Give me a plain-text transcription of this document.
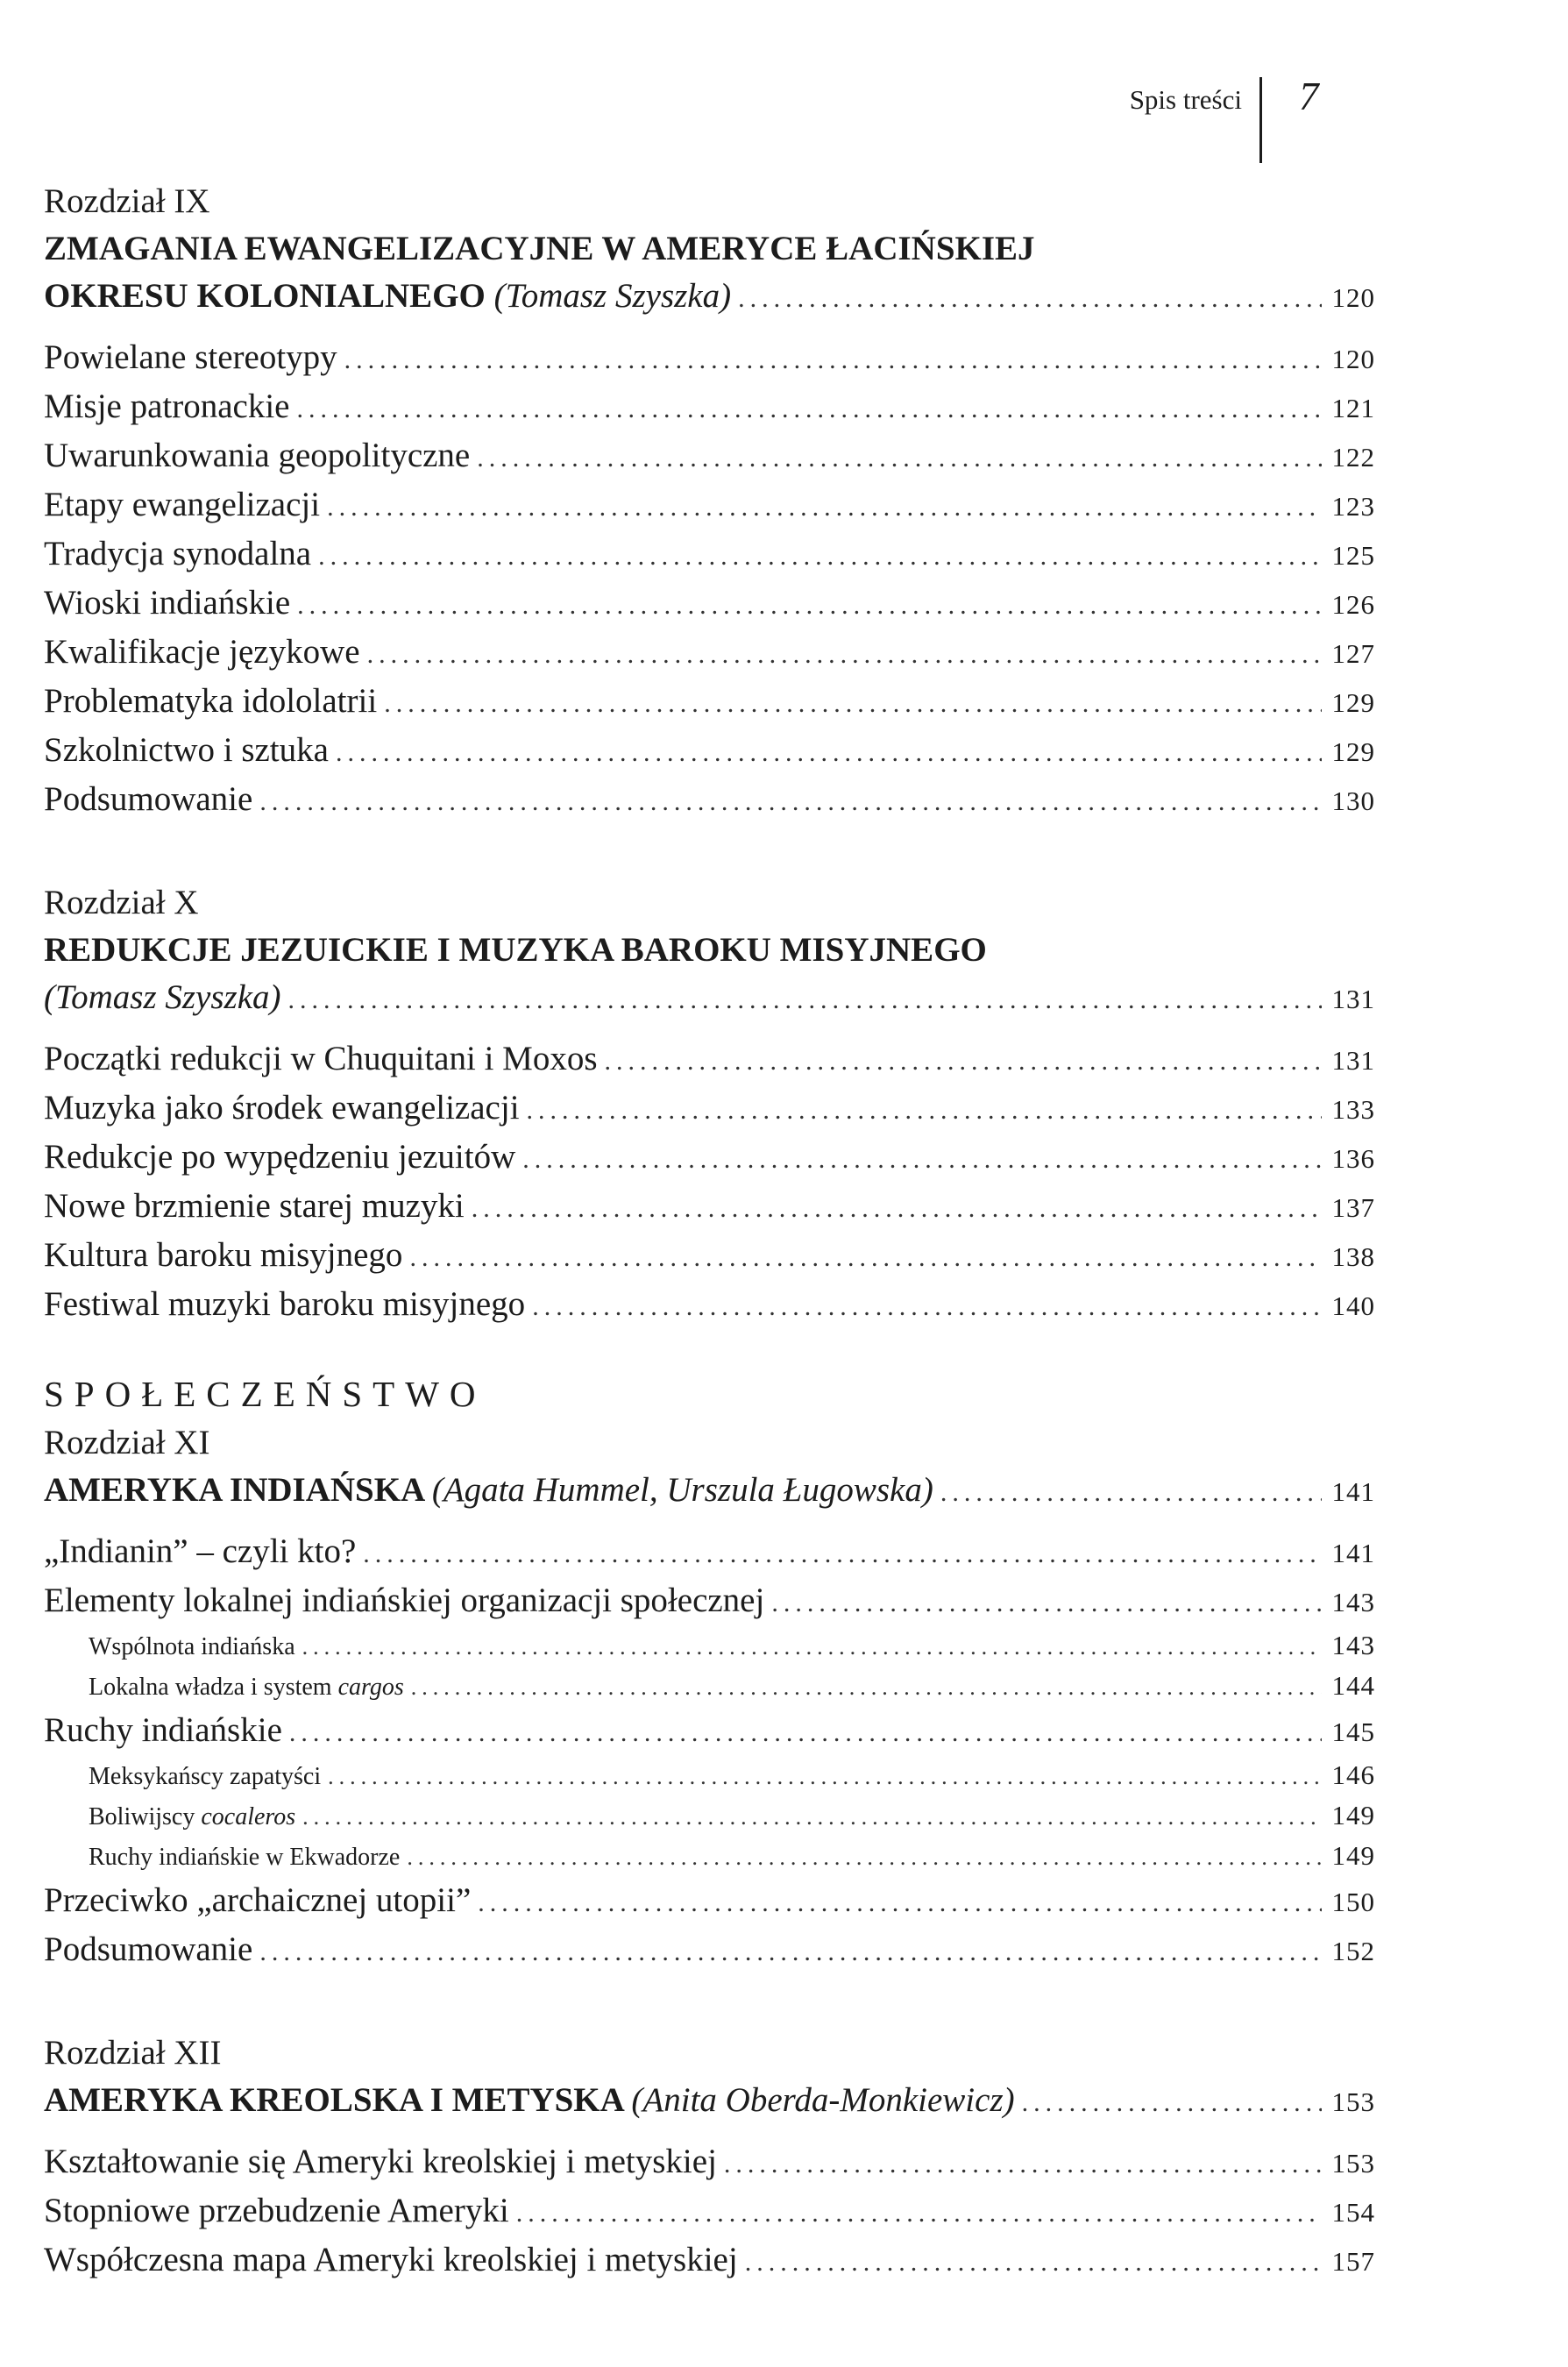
Spis treści 7
Rozdział IX
ZMAGANIA EWANGELIZACYJNE W AMERYCE ŁACIŃSKIEJ
OKRESU KOLONIALNEGO (Tomasz Szyszka) .....	120
Powielane stereotypy .....	120
Misje patronackie .....	121
Uwarunkowania geopolityczne .....	122
Etapy ewangelizacji .....	123
Tradycja synodalna .....	125
Wioski indiańskie .....	126
Kwalifikacje językowe .....	127
Problematyka idololatrii .....	129
Szkolnictwo i sztuka .....	129
Podsumowanie .....	130
Rozdział X
REDUKCJE JEZUICKIE I MUZYKA BAROKU MISYJNEGO
(Tomasz Szyszka) .....	131
Początki redukcji w Chuquitani i Moxos .....	131
Muzyka jako środek ewangelizacji .....	133
Redukcje po wypędzeniu jezuitów .....	136
Nowe brzmienie starej muzyki .....	137
Kultura baroku misyjnego .....	138
Festiwal muzyki baroku misyjnego .....	140
SPOŁECZEŃSTWO
Rozdział XI
AMERYKA INDIAŃSKA (Agata Hummel, Urszula Ługowska) .....	141
„Indianin” – czyli kto? .....	141
Elementy lokalnej indiańskiej organizacji społecznej .....	143
Wspólnota indiańska .....	143
Lokalna władza i system cargos .....	144
Ruchy indiańskie .....	145
Meksykańscy zapatyści .....	146
Boliwijscy cocaleros .....	149
Ruchy indiańskie w Ekwadorze .....	149
Przeciwko „archaicznej utopii” .....	150
Podsumowanie .....	152
Rozdział XII
AMERYKA KREOLSKA I METYSKA (Anita Oberda-Monkiewicz) .....	153
Kształtowanie się Ameryki kreolskiej i metyskiej .....	153
Stopniowe przebudzenie Ameryki .....	154
Współczesna mapa Ameryki kreolskiej i metyskiej .....	157
